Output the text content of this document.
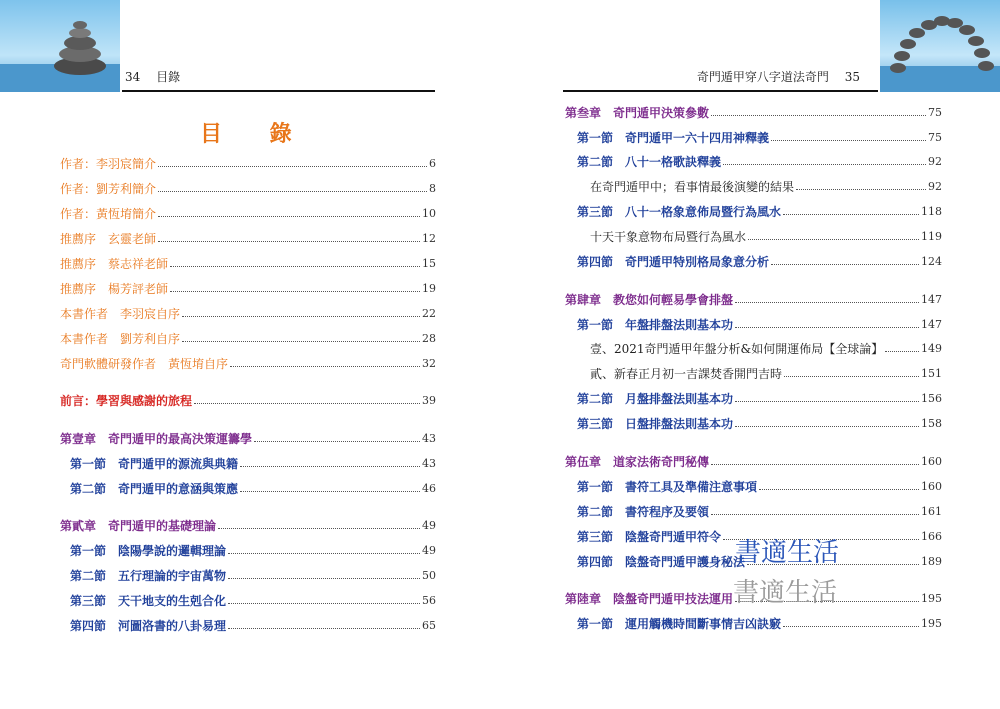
34 目錄
目 錄
作者：李羽宸簡介	6
作者：劉芳利簡介	8
作者：黃恆堉簡介	10
推薦序　玄靈老師	12
推薦序　蔡志祥老師	15
推薦序　楊芳評老師	19
本書作者　李羽宸自序	22
本書作者　劉芳利自序	28
奇門軟體研發作者　黃恆堉自序	32
前言：學習與感謝的旅程	39
第壹章　奇門遁甲的最高決策運籌學	43
第一節　奇門遁甲的源流與典籍	43
第二節　奇門遁甲的意涵與策應	46
第貳章　奇門遁甲的基礎理論	49
第一節　陰陽學說的邏輯理論	49
第二節　五行理論的宇宙萬物	50
第三節　天干地支的生剋合化	56
第四節　河圖洛書的八卦易理	65
奇門遁甲穿八字道法奇門 35
第叁章　奇門遁甲決策參數	75
第一節　奇門遁甲一六十四用神釋義	75
第二節　八十一格歌訣釋義	92
在奇門遁甲中；看事情最後演變的結果	92
第三節　八十一格象意佈局暨行為風水	118
十天干象意物布局暨行為風水	119
第四節　奇門遁甲特別格局象意分析	124
第肆章　教您如何輕易學會排盤	147
第一節　年盤排盤法則基本功	147
壹、2021奇門遁甲年盤分析&如何開運佈局【全球論】	149
貳、新春正月初一吉課焚香開門吉時	151
第二節　月盤排盤法則基本功	156
第三節　日盤排盤法則基本功	158
第伍章　道家法術奇門秘傳	160
第一節　書符工具及準備注意事項	160
第二節　書符程序及要領	161
第三節　陰盤奇門遁甲符令	166
第四節　陰盤奇門遁甲護身秘法	189
第陸章　陰盤奇門遁甲技法運用	195
第一節　運用觸機時間斷事情吉凶訣竅	195
書適生活
書適生活
